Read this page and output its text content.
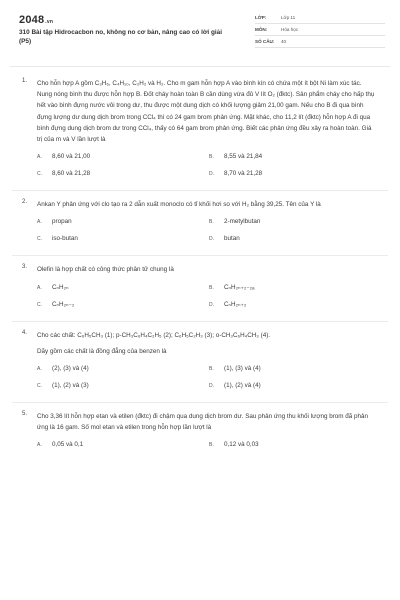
2048.vn
310 Bài tập Hidrocacbon no, không no cơ bản, nâng cao có lời giải (P5)
LỚP:	Lớp 11
MÔN:	Hóa học
SỐ CÂU:	40
1. Cho hỗn hợp A gồm C₃H₆, C₄H₁₀, C₂H₂ và H₂. Cho m gam hỗn hợp A vào bình kín có chứa một ít bột Ni làm xúc tác. Nung nóng bình thu được hỗn hợp B. Đốt cháy hoàn toàn B cần dùng vừa đủ V lít O₂ (đktc). Sản phẩm cháy cho hấp thụ hết vào bình đựng nước vôi trong dư, thu được một dung dịch có khối lượng giảm 21,00 gam. Nếu cho B đi qua bình đựng lượng dư dung dịch brom trong CCl₄ thì có 24 gam brom phản ứng. Mặt khác, cho 11,2 lít (đktc) hỗn hợp A đi qua bình đựng dung dịch brom dư trong CCl₄, thấy có 64 gam brom phản ứng. Biết các phản ứng đều xảy ra hoàn toàn. Giá trị của m và V lần lượt là
A.	8,60 và 21,00	B.	8,55 và 21,84
C.	8,60 và 21,28	D.	8,70 và 21,28
2. Ankan Y phản ứng với clo tạo ra 2 dẫn xuất monoclo có tỉ khối hơi so với H₂ bằng 39,25. Tên của Y là
A.	propan	B.	2-metylbutan
C.	iso-butan	D.	butan
3. Olefin là hợp chất có công thức phân tử chung là
A.	CₙH₂ₙ	B.	CₙH₂ₙ₊₂₋₂ₐ
C.	CₙH₂ₙ₋₂	D.	CₙH₂ₙ₊₂
4. Cho các chất: C₆H₅CH₃ (1); p-CH₃C₆H₄C₂H₅ (2); C₆H₅C₂H₃ (3); o-CH₃C₆H₄CH₃ (4).
Dãy gồm các chất là đồng đẳng của benzen là
A.	(2), (3) và (4)	B.	(1), (3) và (4)
C.	(1), (2) và (3)	D.	(1), (2) và (4)
5. Cho 3,36 lít hỗn hợp etan và etilen (đktc) đi chậm qua dung dịch brom dư. Sau phản ứng thu khối lượng brom đã phản ứng là 16 gam. Số mol etan và etilen trong hỗn hợp lần lượt là
A.	0,05 và 0,1	B.	0,12 và 0,03
